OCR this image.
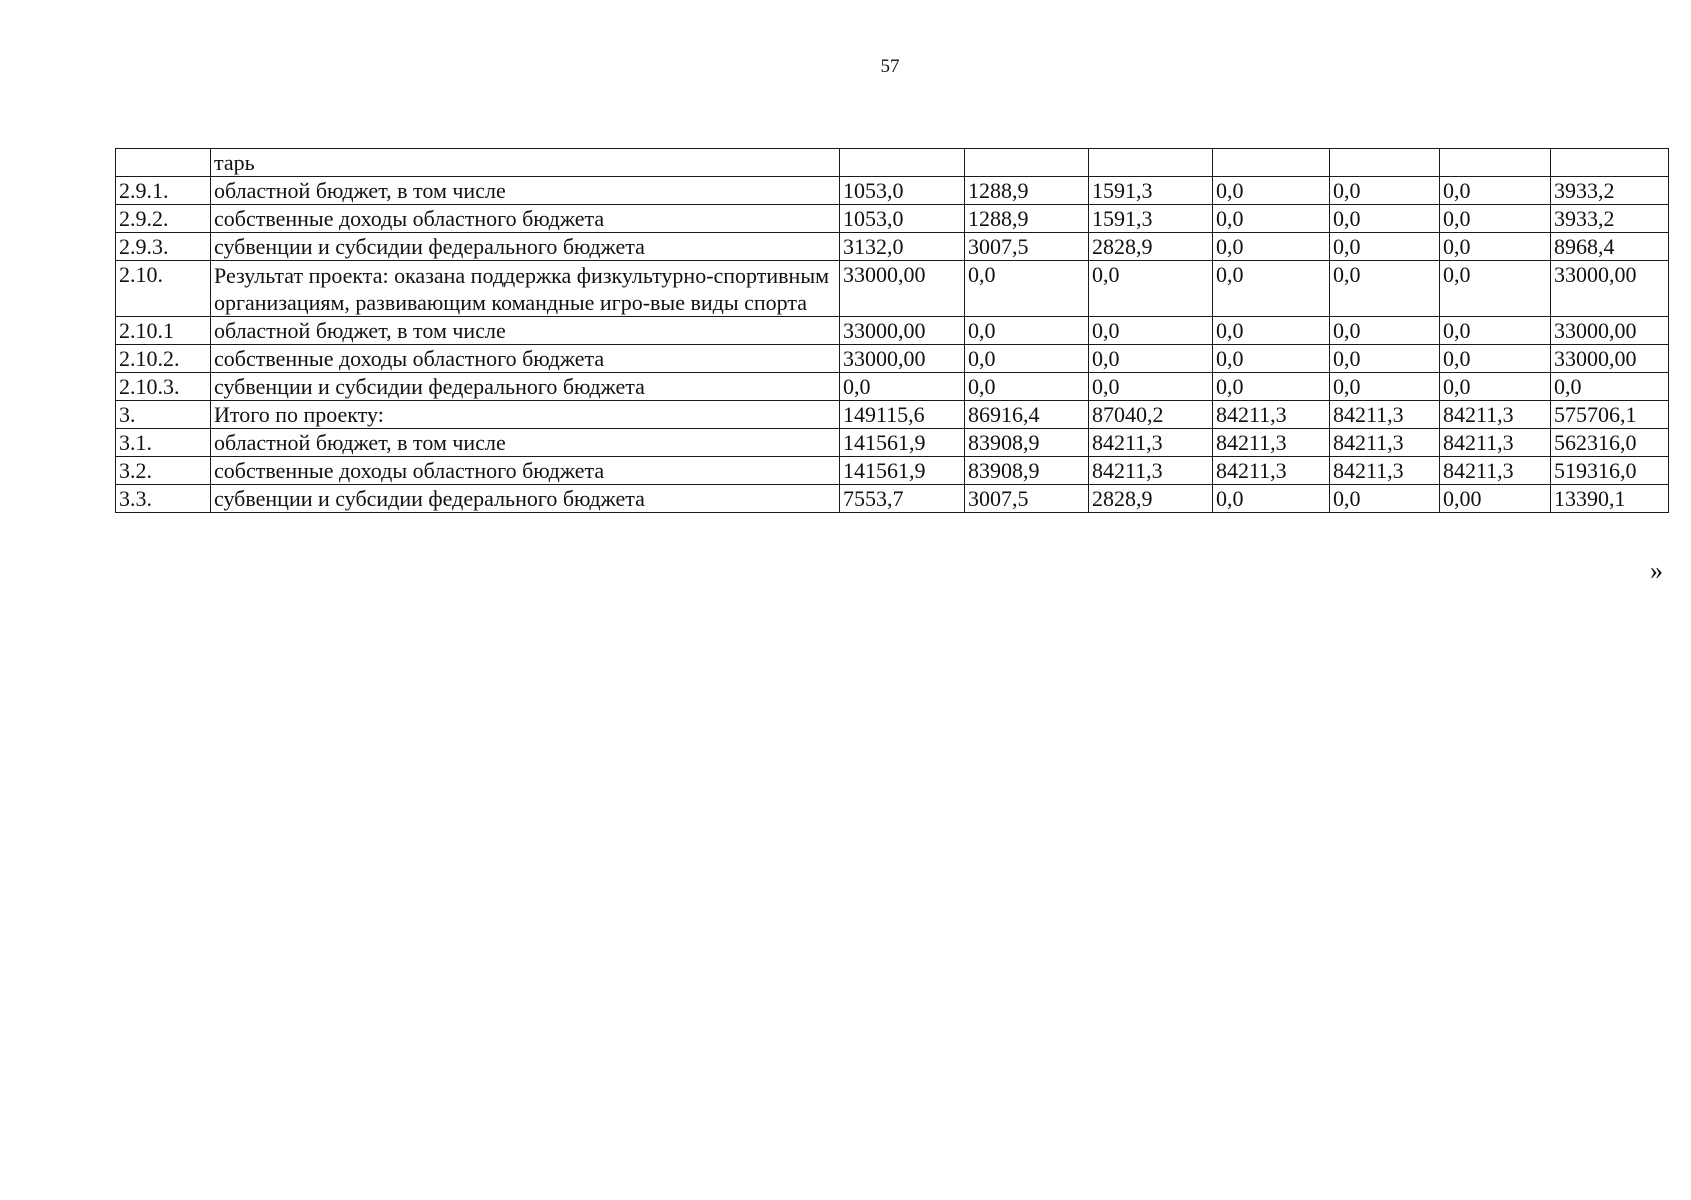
57
	тарь							
2.9.1.	областной бюджет, в том числе	1053,0	1288,9	1591,3	0,0	0,0	0,0	3933,2
2.9.2.	собственные доходы областного бюджета	1053,0	1288,9	1591,3	0,0	0,0	0,0	3933,2
2.9.3.	субвенции и субсидии федерального бюджета	3132,0	3007,5	2828,9	0,0	0,0	0,0	8968,4
2.10.	Результат проекта: оказана поддержка физкультурно-спортивным организациям, развивающим командные игро-вые виды спорта	33000,00	0,0	0,0	0,0	0,0	0,0	33000,00
2.10.1	областной бюджет, в том числе	33000,00	0,0	0,0	0,0	0,0	0,0	33000,00
2.10.2.	собственные доходы областного бюджета	33000,00	0,0	0,0	0,0	0,0	0,0	33000,00
2.10.3.	субвенции и субсидии федерального бюджета	0,0	0,0	0,0	0,0	0,0	0,0	0,0
3.	Итого по проекту:	149115,6	86916,4	87040,2	84211,3	84211,3	84211,3	575706,1
3.1.	областной бюджет, в том числе	141561,9	83908,9	84211,3	84211,3	84211,3	84211,3	562316,0
3.2.	собственные доходы областного бюджета	141561,9	83908,9	84211,3	84211,3	84211,3	84211,3	519316,0
3.3.	субвенции и субсидии федерального бюджета	7553,7	3007,5	2828,9	0,0	0,0	0,00	13390,1
»
